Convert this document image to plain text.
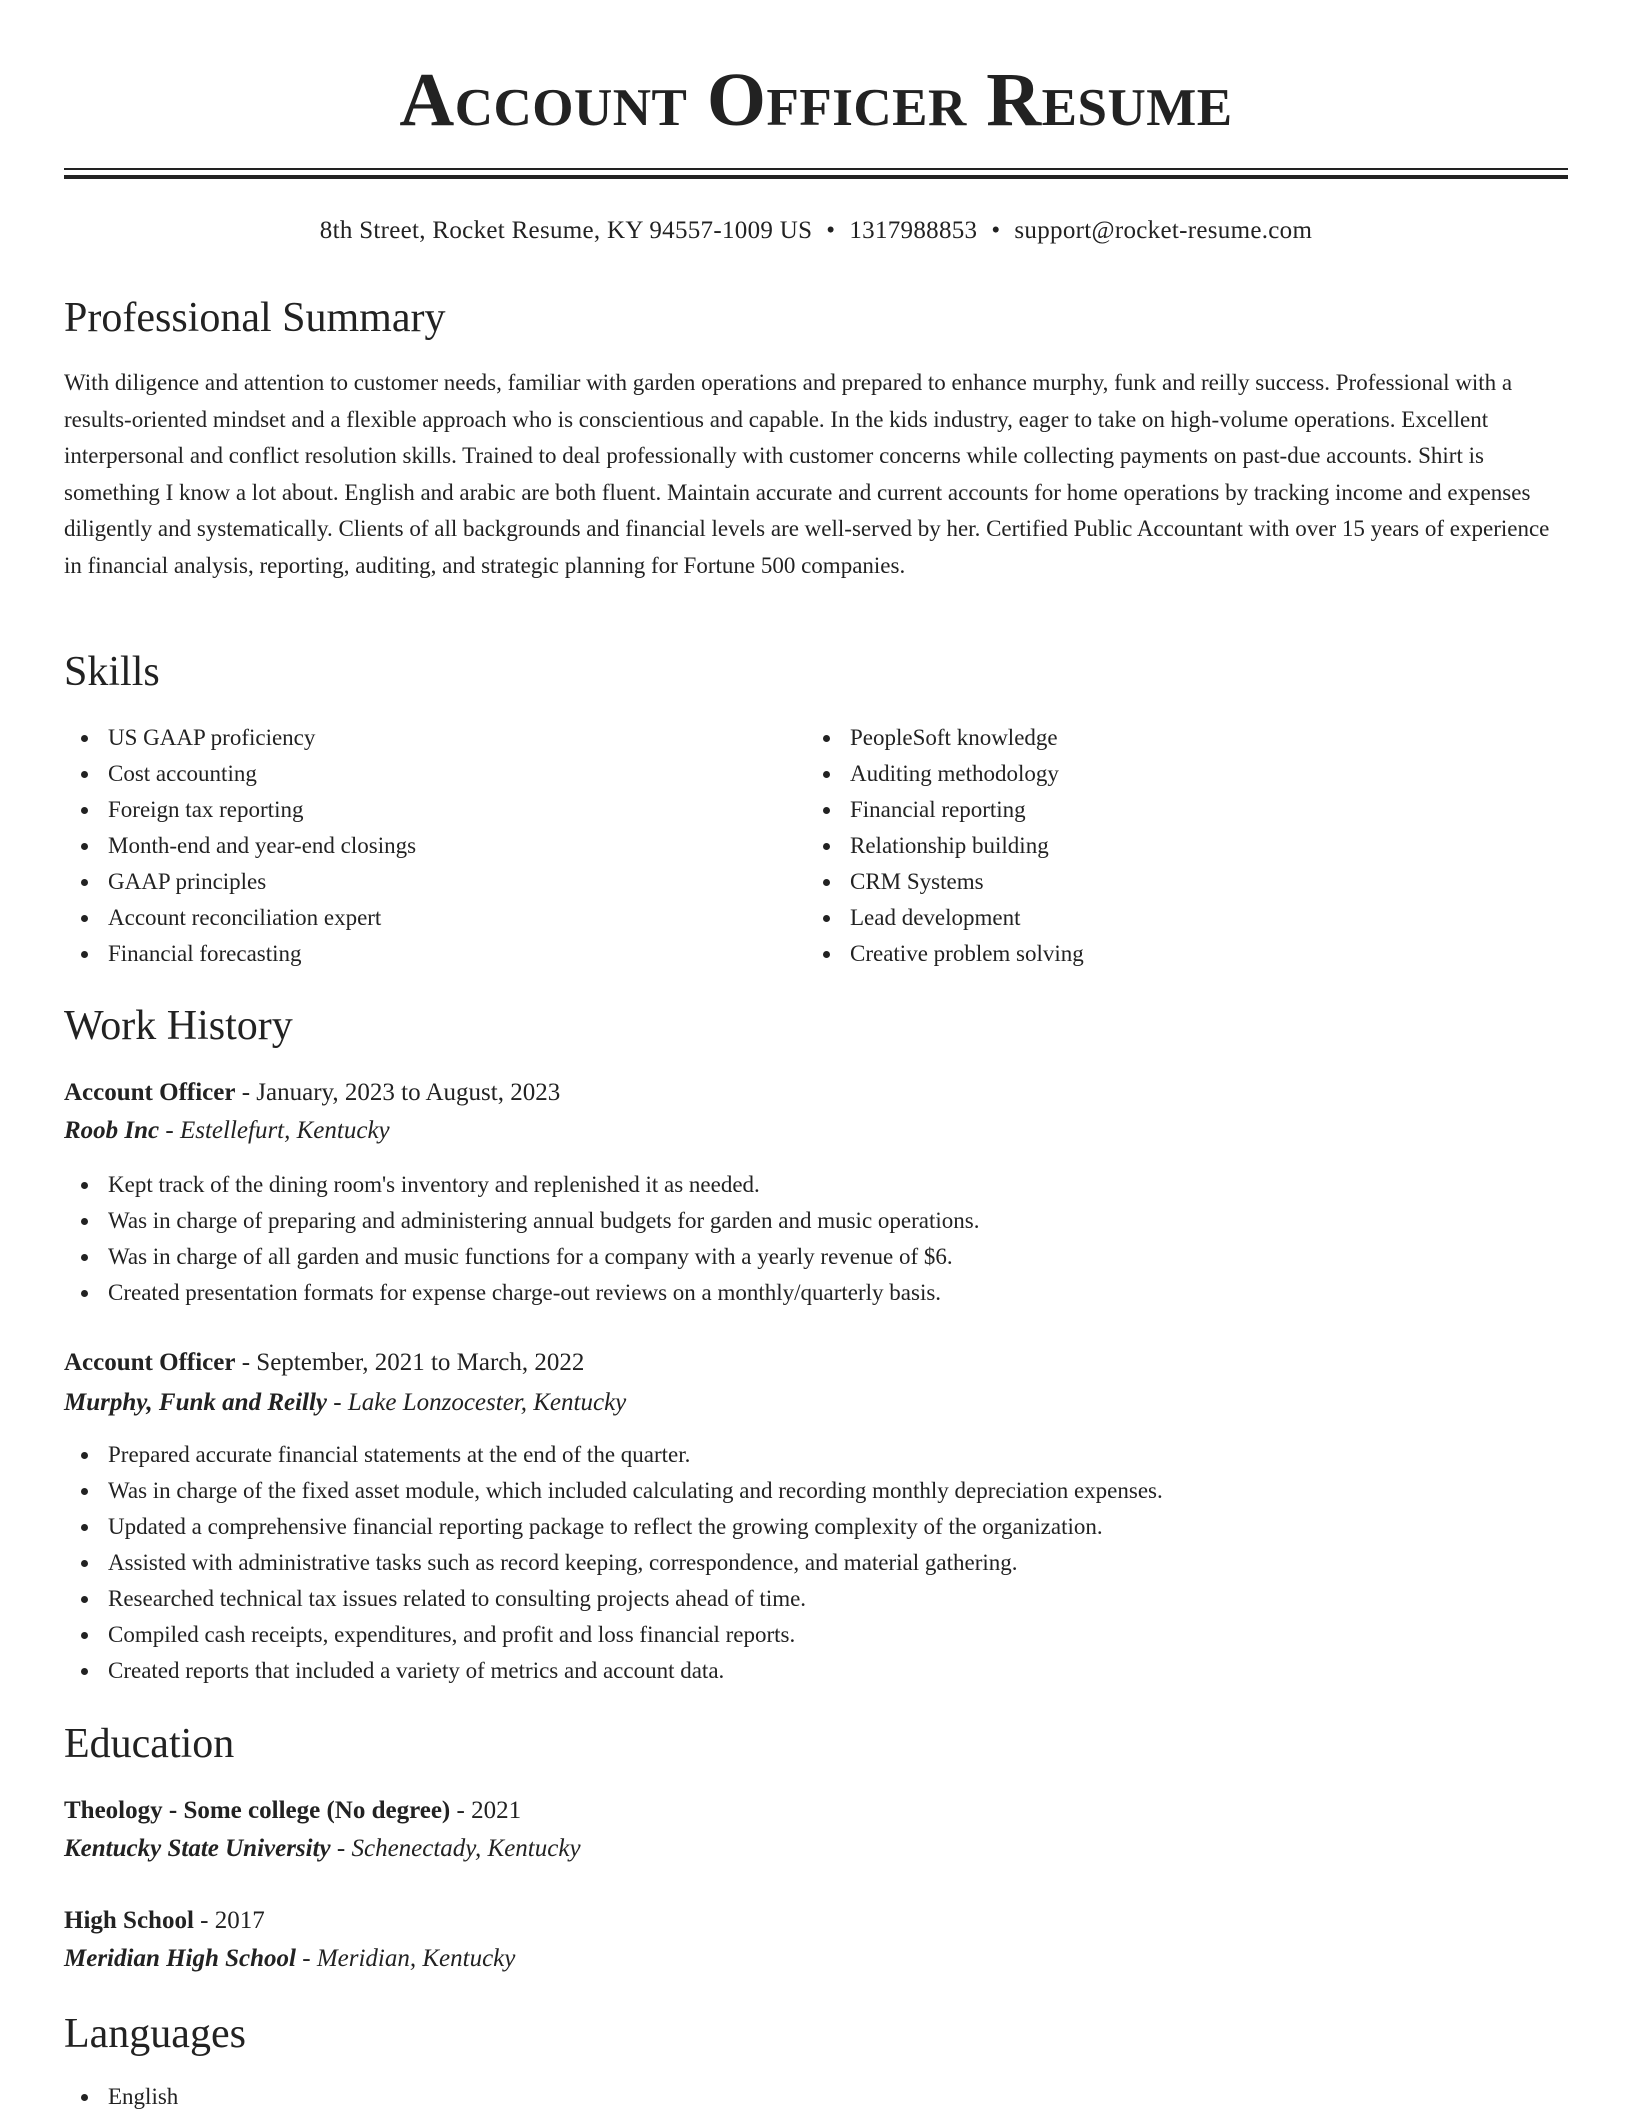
Account Officer Resume
8th Street, Rocket Resume, KY 94557-1009 US • 1317988853 • support@rocket-resume.com
Professional Summary

With diligence and attention to customer needs, familiar with garden operations and prepared to enhance murphy, funk and reilly success. Professional with a results-oriented mindset and a flexible approach who is conscientious and capable. In the kids industry, eager to take on high-volume operations. Excellent interpersonal and conflict resolution skills. Trained to deal professionally with customer concerns while collecting payments on past-due accounts. Shirt is something I know a lot about. English and arabic are both fluent. Maintain accurate and current accounts for home operations by tracking income and expenses diligently and systematically. Clients of all backgrounds and financial levels are well-served by her. Certified Public Accountant with over 15 years of experience in financial analysis, reporting, auditing, and strategic planning for Fortune 500 companies.

Skills
US GAAP proficiency
Cost accounting
Foreign tax reporting
Month-end and year-end closings
GAAP principles
Account reconciliation expert
Financial forecasting
PeopleSoft knowledge
Auditing methodology
Financial reporting
Relationship building
CRM Systems
Lead development
Creative problem solving
Work History
Account Officer - January, 2023 to August, 2023
Roob Inc - Estellefurt, Kentucky
Kept track of the dining room's inventory and replenished it as needed.
Was in charge of preparing and administering annual budgets for garden and music operations.
Was in charge of all garden and music functions for a company with a yearly revenue of $6.
Created presentation formats for expense charge-out reviews on a monthly/quarterly basis.
Account Officer - September, 2021 to March, 2022
Murphy, Funk and Reilly - Lake Lonzocester, Kentucky
Prepared accurate financial statements at the end of the quarter.
Was in charge of the fixed asset module, which included calculating and recording monthly depreciation expenses.
Updated a comprehensive financial reporting package to reflect the growing complexity of the organization.
Assisted with administrative tasks such as record keeping, correspondence, and material gathering.
Researched technical tax issues related to consulting projects ahead of time.
Compiled cash receipts, expenditures, and profit and loss financial reports.
Created reports that included a variety of metrics and account data.
Education
Theology - Some college (No degree) - 2021
Kentucky State University - Schenectady, Kentucky
High School - 2017
Meridian High School - Meridian, Kentucky
Languages
English
